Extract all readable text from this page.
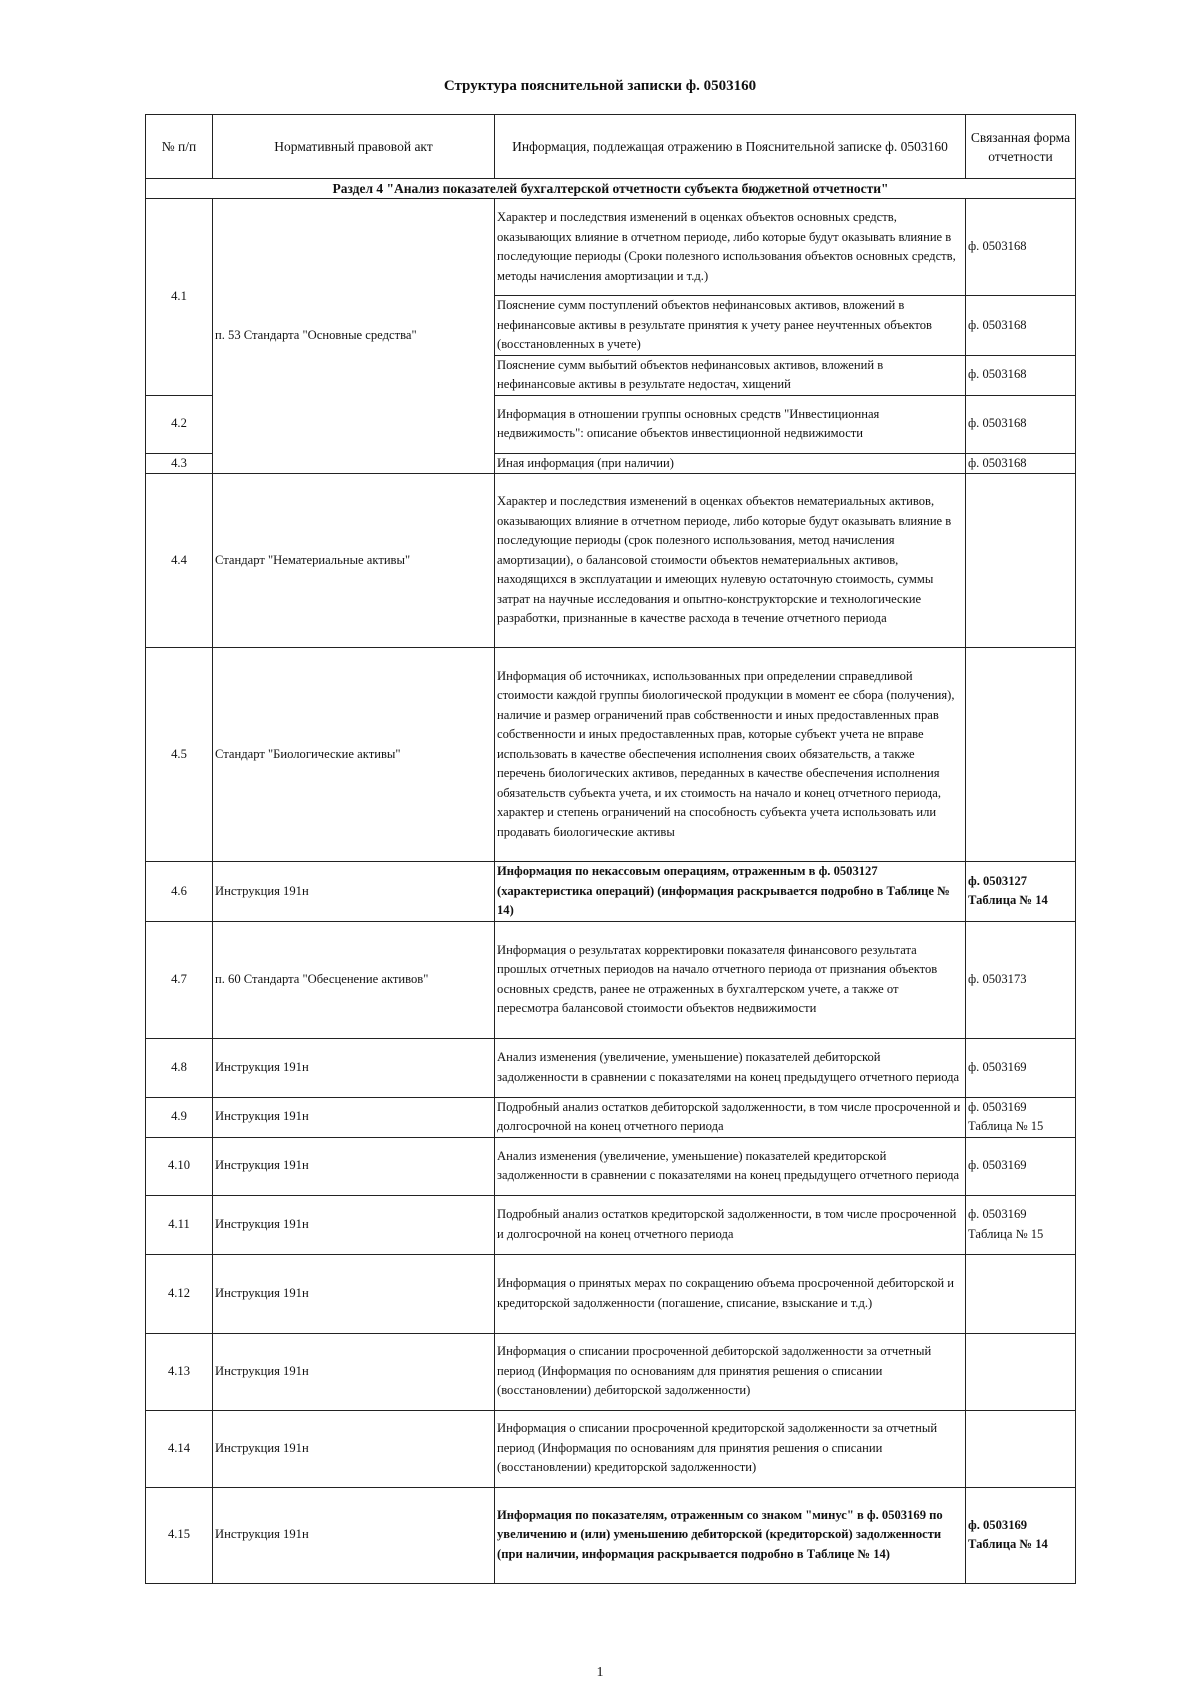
Структура пояснительной записки ф. 0503160
№ п/п	Нормативный правовой акт	Информация, подлежащая отражению в Пояснительной записке ф. 0503160	Связанная форма отчетности
Раздел 4 "Анализ показателей бухгалтерской отчетности субъекта бюджетной отчетности"			
4.1	п. 53 Стандарта "Основные средства"	Характер и последствия изменений в оценках объектов основных средств, оказывающих влияние в отчетном периоде, либо которые будут оказывать влияние в последующие периоды (Сроки полезного использования объектов основных средств, методы начисления амортизации и т.д.)	ф. 0503168
		Пояснение сумм поступлений объектов нефинансовых активов, вложений в нефинансовые активы в результате принятия к учету ранее неучтенных объектов (восстановленных в учете)	ф. 0503168
		Пояснение сумм выбытий объектов нефинансовых активов, вложений в нефинансовые активы в результате недостач, хищений	ф. 0503168
4.2		Информация в отношении группы основных средств "Инвестиционная недвижимость": описание объектов инвестиционной недвижимости	ф. 0503168
4.3		Иная информация (при наличии)	ф. 0503168
4.4	Стандарт "Нематериальные активы"	Характер и последствия изменений в оценках объектов нематериальных активов, оказывающих влияние в отчетном периоде, либо которые будут оказывать влияние в последующие периоды (срок полезного использования, метод начисления амортизации), о балансовой стоимости объектов нематериальных активов, находящихся в эксплуатации и имеющих нулевую остаточную стоимость, суммы затрат на научные исследования и опытно-конструкторские и технологические разработки, признанные в качестве расхода в течение отчетного периода	
4.5	Стандарт "Биологические активы"	Информация об источниках, использованных при определении справедливой стоимости каждой группы биологической продукции в момент ее сбора (получения), наличие и размер ограничений прав собственности и иных предоставленных прав собственности и иных предоставленных прав, которые субъект учета не вправе использовать в качестве обеспечения исполнения своих обязательств, а также перечень биологических активов, переданных в качестве обеспечения исполнения обязательств субъекта учета, и их стоимость на начало и конец отчетного периода, характер и степень ограничений на способность субъекта учета использовать или продавать биологические активы	
4.6	Инструкция 191н	Информация по некассовым операциям, отраженным в ф. 0503127 (характеристика операций) (информация раскрывается подробно в Таблице № 14)	ф. 0503127 Таблица № 14
4.7	п. 60 Стандарта "Обесценение активов"	Информация о результатах корректировки показателя финансового результата прошлых отчетных периодов на начало отчетного периода от признания объектов основных средств, ранее не отраженных в бухгалтерском учете, а также от пересмотра балансовой стоимости объектов недвижимости	ф. 0503173
4.8	Инструкция 191н	Анализ изменения (увеличение, уменьшение) показателей дебиторской задолженности в сравнении с показателями на конец предыдущего отчетного периода	ф. 0503169
4.9	Инструкция 191н	Подробный анализ остатков дебиторской задолженности, в том числе просроченной и долгосрочной на конец отчетного периода	ф. 0503169 Таблица № 15
4.10	Инструкция 191н	Анализ изменения (увеличение, уменьшение) показателей кредиторской задолженности в сравнении с показателями на конец предыдущего отчетного периода	ф. 0503169
4.11	Инструкция 191н	Подробный анализ остатков кредиторской задолженности, в том числе просроченной и долгосрочной на конец отчетного периода	ф. 0503169 Таблица № 15
4.12	Инструкция 191н	Информация о принятых мерах по сокращению объема просроченной дебиторской и кредиторской задолженности (погашение, списание, взыскание и т.д.)	
4.13	Инструкция 191н	Информация о списании просроченной дебиторской задолженности за отчетный период (Информация по основаниям для принятия решения о списании (восстановлении) дебиторской задолженности)	
4.14	Инструкция 191н	Информация о списании просроченной кредиторской задолженности за отчетный период (Информация по основаниям для принятия решения о списании (восстановлении) кредиторской задолженности)	
4.15	Инструкция 191н	Информация по показателям, отраженным со знаком "минус" в ф. 0503169 по увеличению и (или) уменьшению дебиторской (кредиторской) задолженности (при наличии, информация раскрывается подробно в Таблице № 14)	ф. 0503169 Таблица № 14
1
